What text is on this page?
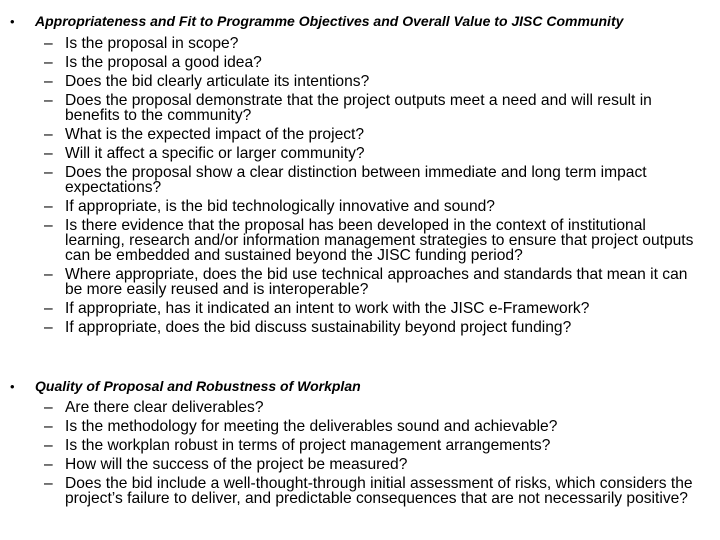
• Appropriateness and Fit to Programme Objectives and Overall Value to JISC Community
– Is the proposal in scope?
– Is the proposal a good idea?
– Does the bid clearly articulate its intentions?
– Does the proposal demonstrate that the project outputs meet a need and will result in benefits to the community?
– What is the expected impact of the project?
– Will it affect a specific or larger community?
– Does the proposal show a clear distinction between immediate and long term impact expectations?
– If appropriate, is the bid technologically innovative and sound?
– Is there evidence that the proposal has been developed in the context of institutional learning, research and/or information management strategies to ensure that project outputs can be embedded and sustained beyond the JISC funding period?
– Where appropriate, does the bid use technical approaches and standards that mean it can be more easily reused and is interoperable?
– If appropriate, has it indicated an intent to work with the JISC e-Framework?
– If appropriate, does the bid discuss sustainability beyond project funding?
• Quality of Proposal and Robustness of Workplan
– Are there clear deliverables?
– Is the methodology for meeting the deliverables sound and achievable?
– Is the workplan robust in terms of project management arrangements?
– How will the success of the project be measured?
– Does the bid include a well-thought-through initial assessment of risks, which considers the project’s failure to deliver, and predictable consequences that are not necessarily positive?
